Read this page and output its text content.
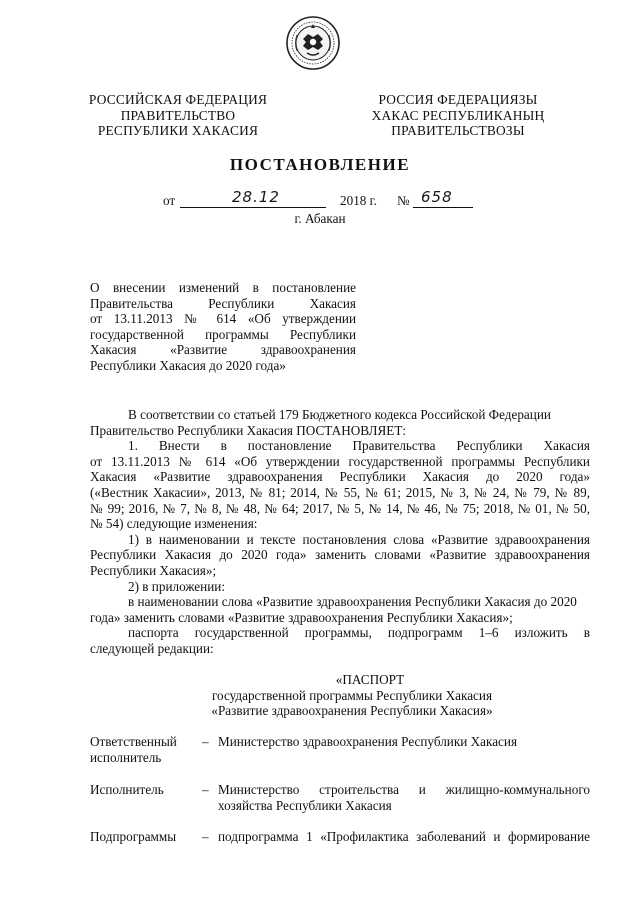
РОССИЙСКАЯ ФЕДЕРАЦИЯ
ПРАВИТЕЛЬСТВО
РЕСПУБЛИКИ ХАКАСИЯ
РОССИЯ ФЕДЕРАЦИЯЗЫ
ХАКАС РЕСПУБЛИКАНЫҢ
ПРАВИТЕЛЬСТВОЗЫ
ПОСТАНОВЛЕНИЕ
от	28.12	2018 г. № 658
г. Абакан
О внесении изменений в постановление
Правительства Республики Хакасия
от 13.11.2013 № 614 «Об утверждении
государственной программы Республики
Хакасия «Развитие здравоохранения
Республики Хакасия до 2020 года»
В соответствии со статьей 179 Бюджетного кодекса Российской Федерации
Правительство Республики Хакасия ПОСТАНОВЛЯЕТ:
1. Внести в постановление Правительства Республики Хакасия
от 13.11.2013 № 614 «Об утверждении государственной программы Республики
Хакасия «Развитие здравоохранения Республики Хакасия до 2020 года»
(«Вестник Хакасии», 2013, № 81; 2014, № 55, № 61; 2015, № 3, № 24, № 79, № 89,
№ 99; 2016, № 7, № 8, № 48, № 64; 2017, № 5, № 14, № 46, № 75; 2018, № 01, № 50,
№ 54) следующие изменения:
1) в наименовании и тексте постановления слова «Развитие здравоохранения
Республики Хакасия до 2020 года» заменить словами «Развитие здравоохранения
Республики Хакасия»;
2) в приложении:
в наименовании слова «Развитие здравоохранения Республики Хакасия до 2020
года» заменить словами «Развитие здравоохранения Республики Хакасия»;
паспорта государственной программы, подпрограмм 1–6 изложить в
следующей редакции:
«ПАСПОРТ
государственной программы Республики Хакасия
«Развитие здравоохранения Республики Хакасия»
Ответственный
исполнитель
– Министерство здравоохранения Республики Хакасия
Исполнитель	– Министерство строительства и жилищно-коммунального
хозяйства Республики Хакасия
Подпрограммы	– подпрограмма 1 «Профилактика заболеваний и формирование
